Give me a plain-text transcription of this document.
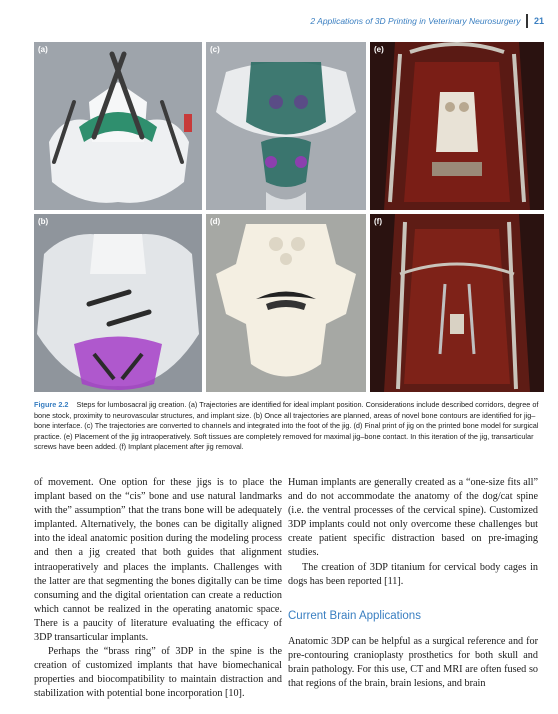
2 Applications of 3D Printing in Veterinary Neurosurgery 21
(a)	(c)	(e)
(b)	(d)	(f)
Figure 2.2 Steps for lumbosacral jig creation. (a) Trajectories are identified for ideal implant position. Considerations include described corridors, degree of bone stock, proximity to neurovascular structures, and implant size. (b) Once all trajectories are planned, areas of novel bone contours are identified for jig–bone interface. (c) The trajectories are converted to channels and integrated into the foot of the jig. (d) Final print of jig on the printed bone model for surgical practice. (e) Placement of the jig intraoperatively. Soft tissues are completely removed for maximal jig–bone contact. In this iteration of the jig, transarticular screws have been added. (f) Implant placement after jig removal.

of movement. One option for these jigs is to place the implant based on the “cis” bone and use natural landmarks with the” assumption” that the trans bone will be adequately implanted. Alternatively, the bones can be digitally aligned into the ideal anatomic position during the modeling process and then a jig created that both guides that alignment intraoperatively and places the implants. Challenges with the latter are that segmenting the bones digitally can be time consuming and the digital orientation can create a reduction which cannot be realized in the operating anatomic space. There is a paucity of literature evaluating the efficacy of 3DP transarticular implants.

Perhaps the “brass ring” of 3DP in the spine is the creation of customized implants that have biomechanical properties and biocompatibility to maintain distraction and stabilization with potential bone incorporation [10].

Human implants are generally created as a “one-size fits all” and do not accommodate the anatomy of the dog/cat spine (i.e. the ventral processes of the cervical spine). Customized 3DP implants could not only overcome these challenges but create patient specific distraction based on pre-imaging studies.

The creation of 3DP titanium for cervical body cages in dogs has been reported [11].

Current Brain Applications

Anatomic 3DP can be helpful as a surgical reference and for pre-contouring cranioplasty prosthetics for both skull and brain pathology. For this use, CT and MRI are often fused so that regions of the brain, brain lesions, and brain
